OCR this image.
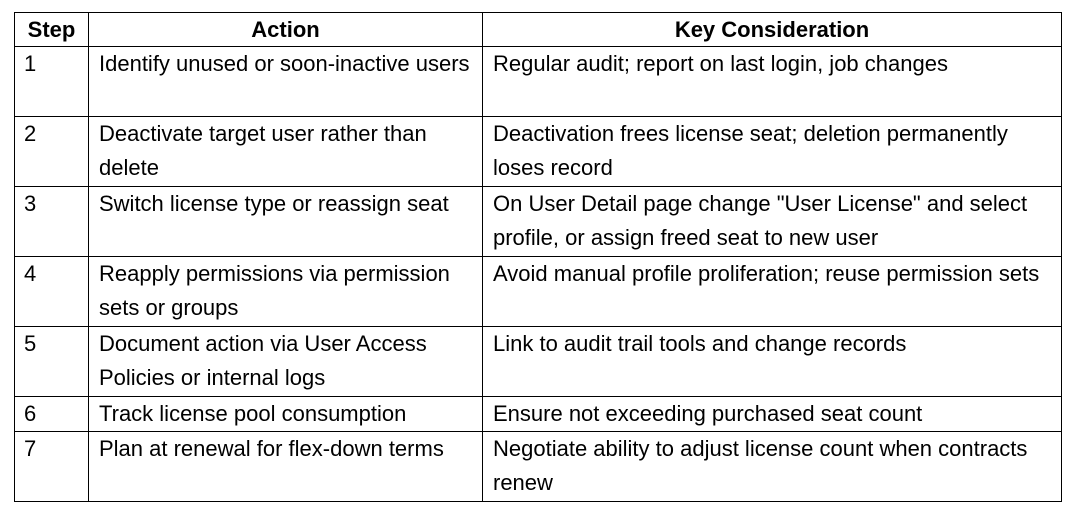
Step	Action	Key Consideration
1	Identify unused or soon-inactive users	Regular audit; report on last login, job changes
2	Deactivate target user rather than delete	Deactivation frees license seat; deletion permanently loses record
3	Switch license type or reassign seat	On User Detail page change "User License" and select profile, or assign freed seat to new user
4	Reapply permissions via permission sets or groups	Avoid manual profile proliferation; reuse permission sets
5	Document action via User Access Policies or internal logs	Link to audit trail tools and change records
6	Track license pool consumption	Ensure not exceeding purchased seat count
7	Plan at renewal for flex-down terms	Negotiate ability to adjust license count when contracts renew
